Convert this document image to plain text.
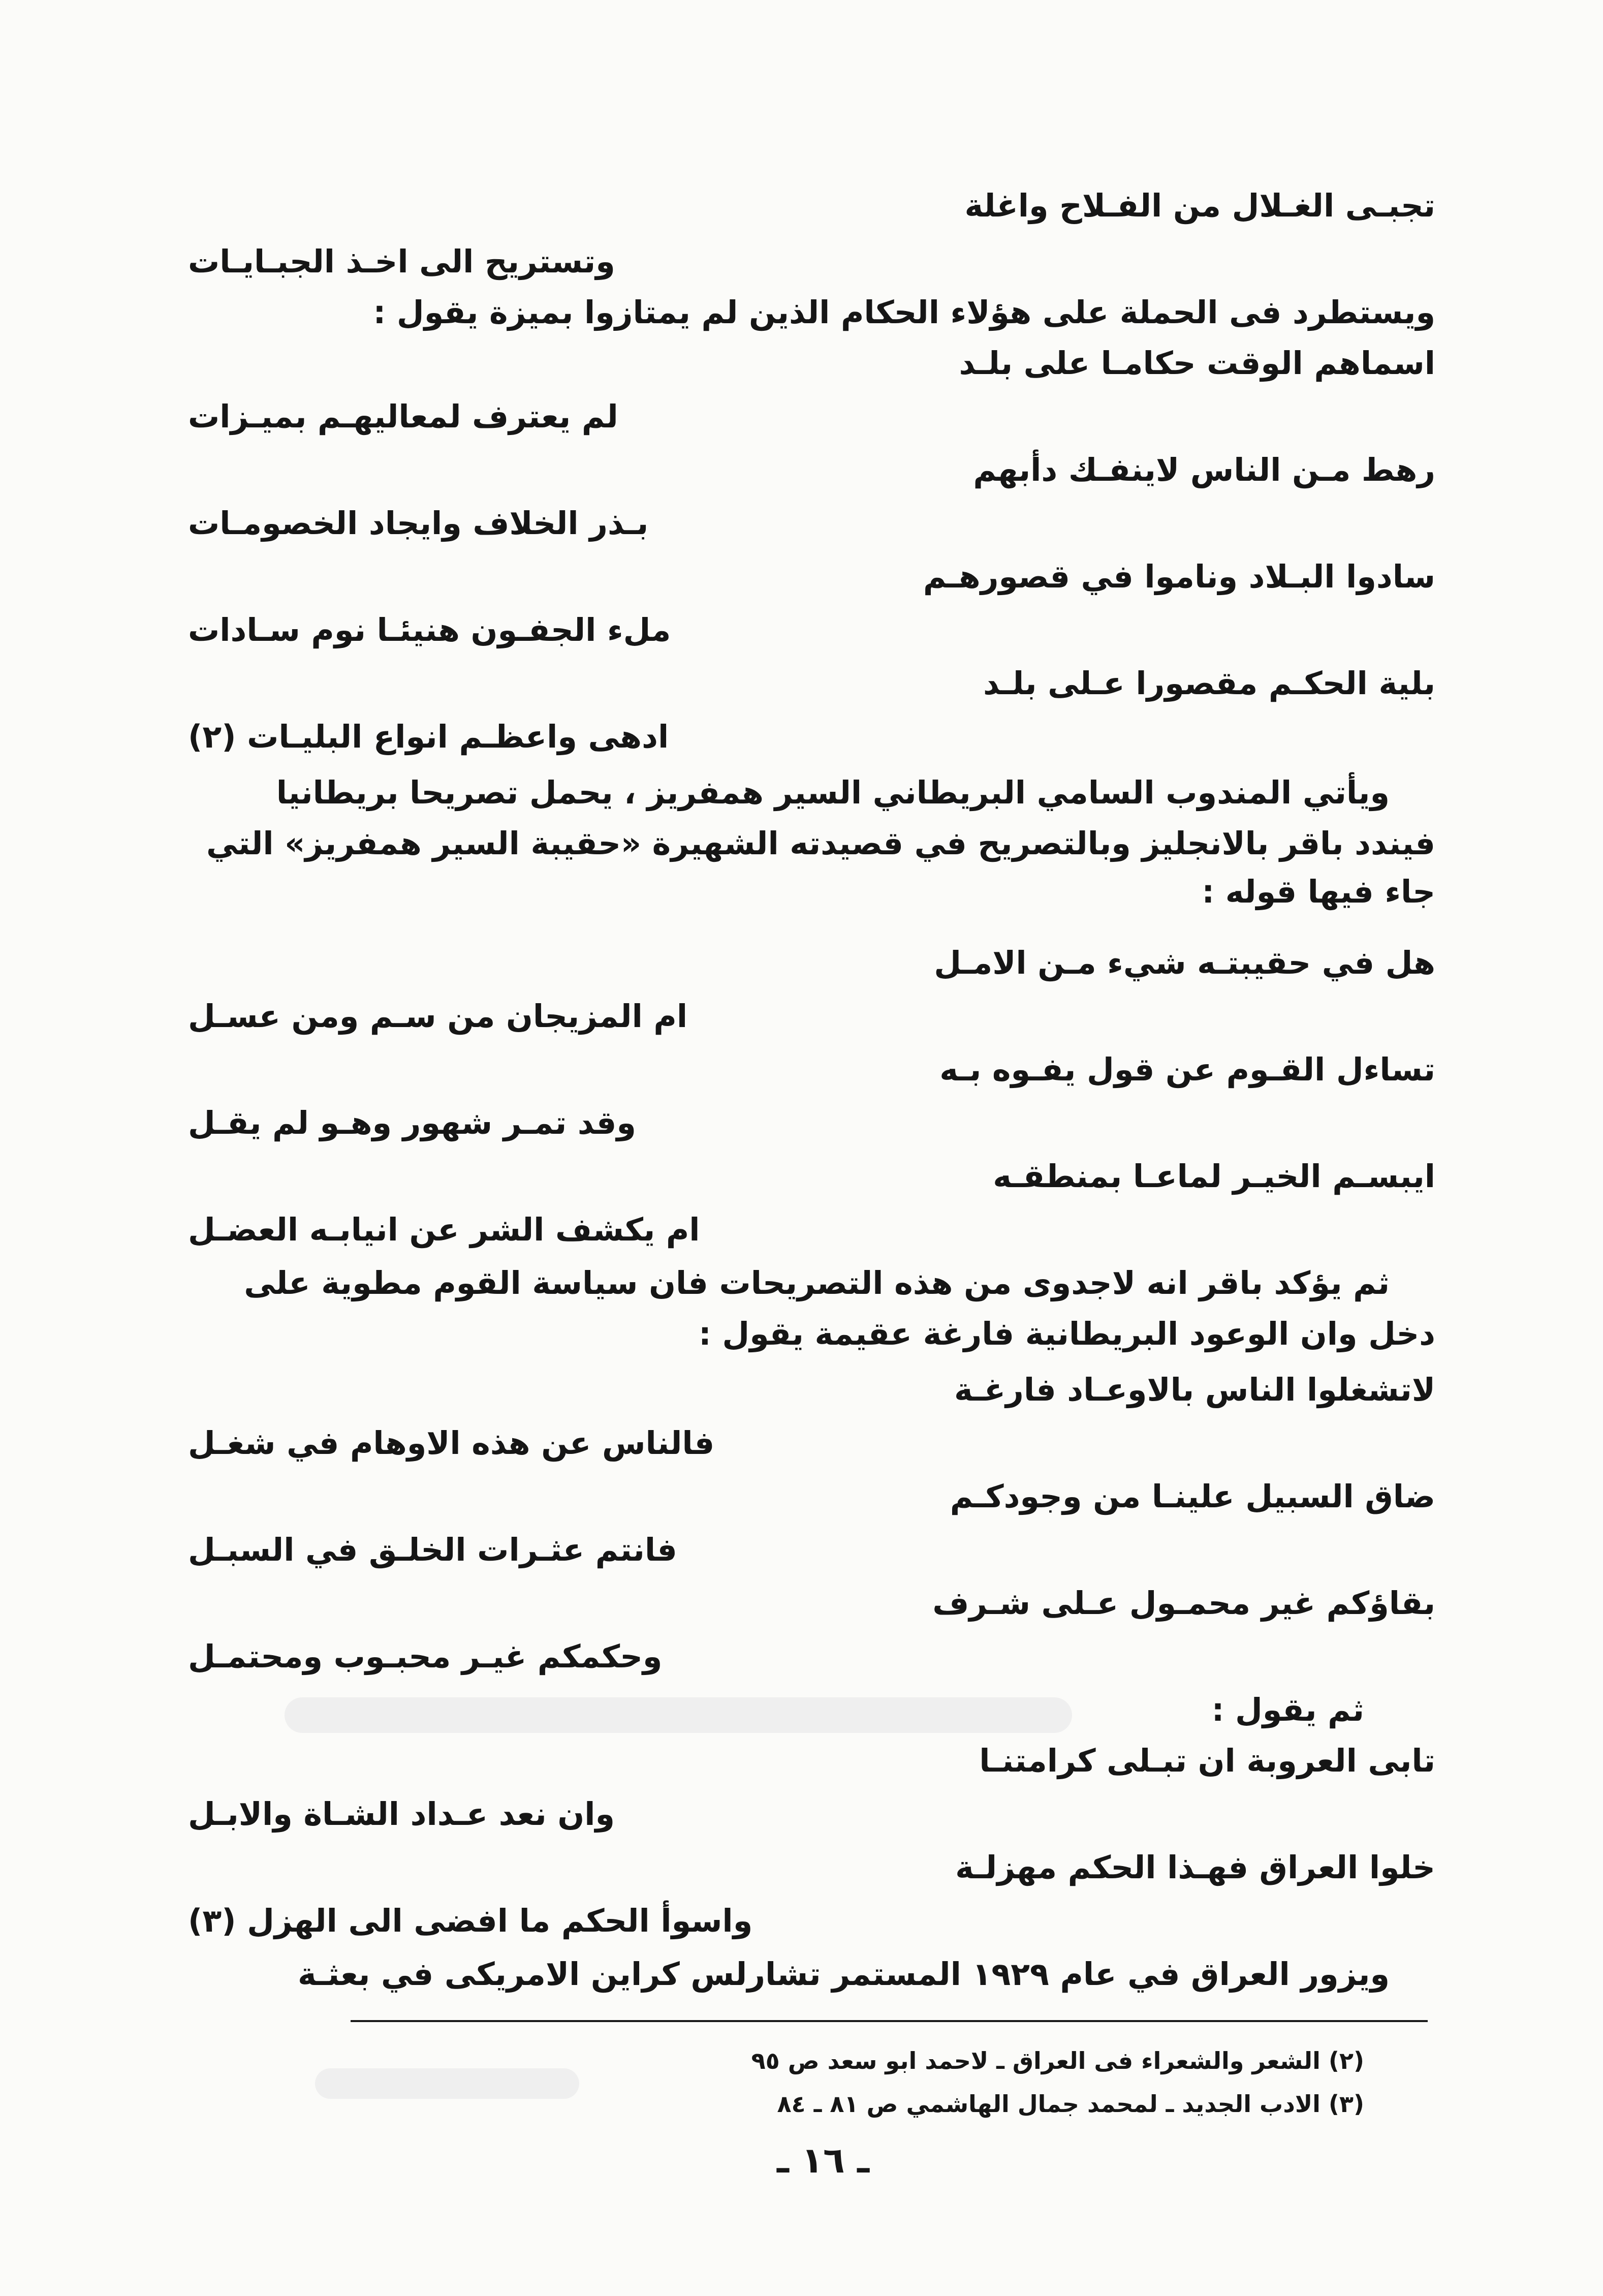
تجبـى الغـلال من الفـلاح واغلة
وتستريح الى اخـذ الجبـايـات
ويستطرد فى الحملة على هؤلاء الحكام الذين لم يمتازوا بميزة يقول :
اسماهم الوقت حكامـا على بلـد
لم يعترف لمعاليهـم بميـزات
رهط مـن الناس لاينفـك دأبهم
بـذر الخلاف وايجاد الخصومـات
سادوا البـلاد وناموا في قصورهـم
ملء الجفـون هنيئـا نوم سـادات
بلية الحكـم مقصورا عـلى بلـد
ادهى واعظـم انواع البليـات (٢)
ويأتي المندوب السامي البريطاني السير همفريز ، يحمل تصريحا بريطانيا
فيندد باقر بالانجليز وبالتصريح في قصيدته الشهيرة «حقيبة السير همفريز» التي
جاء فيها قوله :
هل في حقيبتـه شيء مـن الامـل
ام المزيجان من سـم ومن عسـل
تساءل القـوم عن قول يفـوه بـه
وقد تمـر شهور وهـو لم يقـل
ايبسـم الخيـر لماعـا بمنطقـه
ام يكشف الشر عن انيابـه العضـل
ثم يؤكد باقر انه لاجدوى من هذه التصريحات فان سياسة القوم مطوية على
دخل وان الوعود البريطانية فارغة عقيمة يقول :
لاتشغلوا الناس بالاوعـاد فارغـة
فالناس عن هذه الاوهام في شغـل
ضاق السبيل علينـا من وجودكـم
فانتم عثـرات الخلـق في السبـل
بقاؤكم غير محمـول عـلى شـرف
وحكمكم غيـر محبـوب ومحتمـل
ثم يقول :
تابى العروبة ان تبـلى كرامتنـا
وان نعد عـداد الشـاة والابـل
خلوا العراق فهـذا الحكم مهزلـة
واسوأ الحكم ما افضى الى الهزل (٣)
ويزور العراق في عام ١٩٢٩ المستمر تشارلس كراين الامريكى في بعثـة
(٢) الشعر والشعراء فى العراق ـ لاحمد ابو سعد ص ٩٥
(٣) الادب الجديد ـ لمحمد جمال الهاشمي ص ٨١ ـ ٨٤
ـ ١٦ ـ
